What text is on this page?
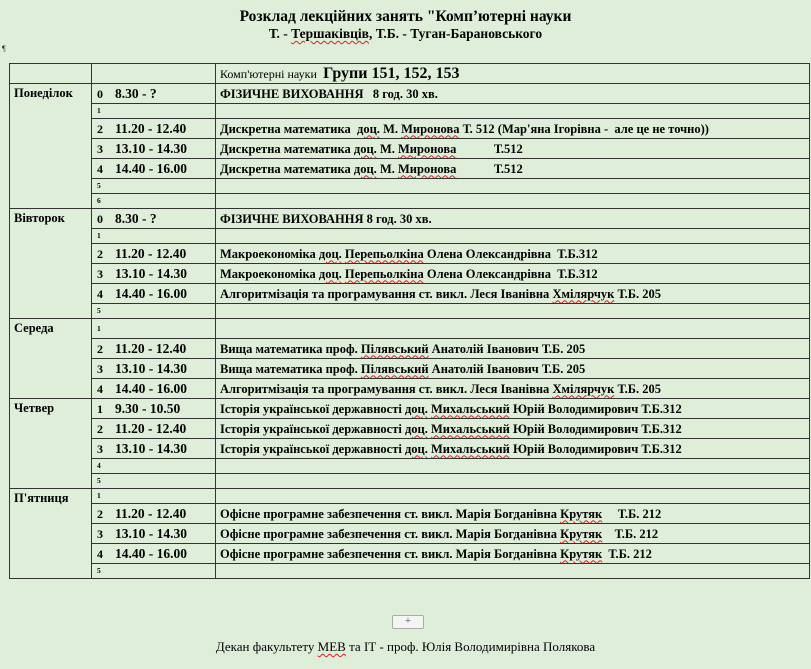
Розклад лекційних занять "Комп’ютерні науки
Т. - Тершаківців, Т.Б. - Туган-Барановського
¶
		Комп'ютерні науки Групи 151, 152, 153
Понеділок	0 8.30 - ?	ФІЗИЧНЕ ВИХОВАННЯ   8 год. 30 хв.
	1	
	2 11.20 - 12.40	Дискретна математика  доц. М. Миронова Т. 512 (Мар'яна Ігорівна -  але це не точно))
	3 13.10 - 14.30	Дискретна математика доц. М. Миронова            Т.512
	4 14.40 - 16.00	Дискретна математика доц. М. Миронова            Т.512
	5	
	6	
Вівторок	0 8.30 - ?	ФІЗИЧНЕ ВИХОВАННЯ 8 год. 30 хв.
	1	
	2 11.20 - 12.40	Макроекономіка доц. Перепьолкіна Олена Олександрівна  Т.Б.312
	3 13.10 - 14.30	Макроекономіка доц. Перепьолкіна Олена Олександрівна  Т.Б.312
	4 14.40 - 16.00	Алгоритмізація та програмування ст. викл. Леся Іванівна Хмілярчук Т.Б. 205
	5	
Середа	1	
	2 11.20 - 12.40	Вища математика проф. Пілявський Анатолій Іванович Т.Б. 205
	3 13.10 - 14.30	Вища математика проф. Пілявський Анатолій Іванович Т.Б. 205
	4 14.40 - 16.00	Алгоритмізація та програмування ст. викл. Леся Іванівна Хмілярчук Т.Б. 205
Четвер	1 9.30 - 10.50	Історія української державності доц. Михальський Юрій Володимирович Т.Б.312
	2 11.20 - 12.40	Історія української державності доц. Михальський Юрій Володимирович Т.Б.312
	3 13.10 - 14.30	Історія української державності доц. Михальський Юрій Володимирович Т.Б.312
	4	
	5	
П'ятниця	1	
	2 11.20 - 12.40	Офісне програмне забезпечення ст. викл. Марія Богданівна Крутяк     Т.Б. 212
	3 13.10 - 14.30	Офісне програмне забезпечення ст. викл. Марія Богданівна Крутяк    Т.Б. 212
	4 14.40 - 16.00	Офісне програмне забезпечення ст. викл. Марія Богданівна Крутяк  Т.Б. 212
	5	
+
Декан факультету МЕВ та ІТ - проф. Юлія Володимирівна Полякова
